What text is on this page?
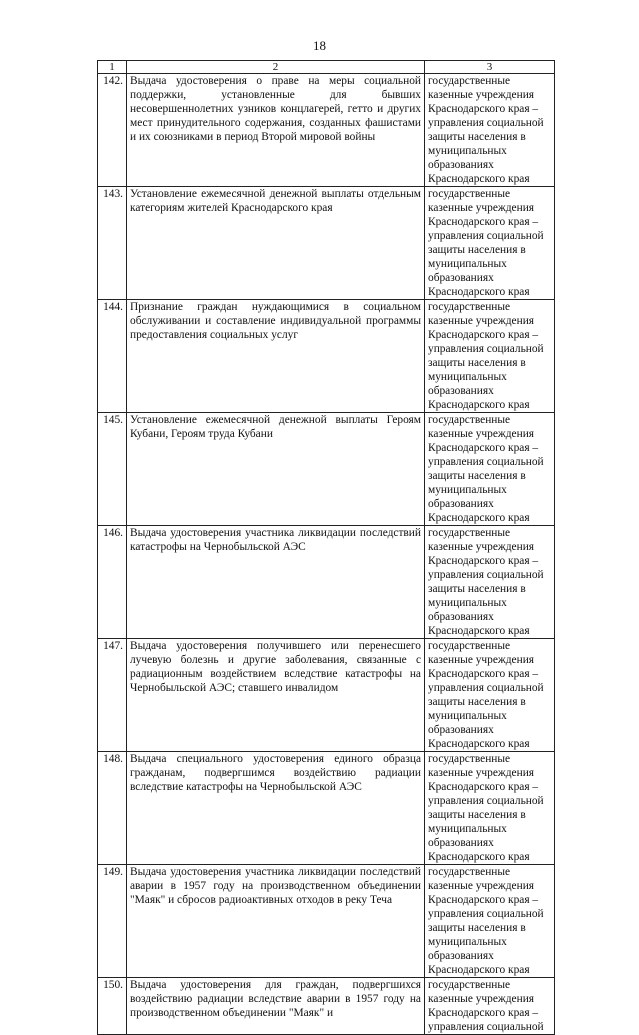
18
1	2	3
142.	Выдача удостоверения о праве на меры социальной поддержки, установленные для бывших несовершеннолетних узников концлагерей, гетто и других мест принудительного содержания, созданных фашистами и их союзниками в период Второй мировой войны	государственные казенные учреждения Краснодарского края – управления социальной защиты населения в муниципальных образованиях Краснодарского края
143.	Установление ежемесячной денежной выплаты отдельным категориям жителей Краснодарского края	государственные казенные учреждения Краснодарского края – управления социальной защиты населения в муниципальных образованиях Краснодарского края
144.	Признание граждан нуждающимися в социальном обслуживании и составление индивидуальной программы предоставления социальных услуг	государственные казенные учреждения Краснодарского края – управления социальной защиты населения в муниципальных образованиях Краснодарского края
145.	Установление ежемесячной денежной выплаты Героям Кубани, Героям труда Кубани	государственные казенные учреждения Краснодарского края – управления социальной защиты населения в муниципальных образованиях Краснодарского края
146.	Выдача удостоверения участника ликвидации последствий катастрофы на Чернобыльской АЭС	государственные казенные учреждения Краснодарского края – управления социальной защиты населения в муниципальных образованиях Краснодарского края
147.	Выдача удостоверения получившего или перенесшего лучевую болезнь и другие заболевания, связанные с радиационным воздействием вследствие катастрофы на Чернобыльской АЭС; ставшего инвалидом	государственные казенные учреждения Краснодарского края – управления социальной защиты населения в муниципальных образованиях Краснодарского края
148.	Выдача специального удостоверения единого образца гражданам, подвергшимся воздействию радиации вследствие катастрофы на Чернобыльской АЭС	государственные казенные учреждения Краснодарского края – управления социальной защиты населения в муниципальных образованиях Краснодарского края
149.	Выдача удостоверения участника ликвидации последствий аварии в 1957 году на производственном объединении "Маяк" и сбросов радиоактивных отходов в реку Теча	государственные казенные учреждения Краснодарского края – управления социальной защиты населения в муниципальных образованиях Краснодарского края
150.	Выдача удостоверения для граждан, подвергшихся воздействию радиации вследствие аварии в 1957 году на производственном объединении "Маяк" и	государственные казенные учреждения Краснодарского края – управления социальной
